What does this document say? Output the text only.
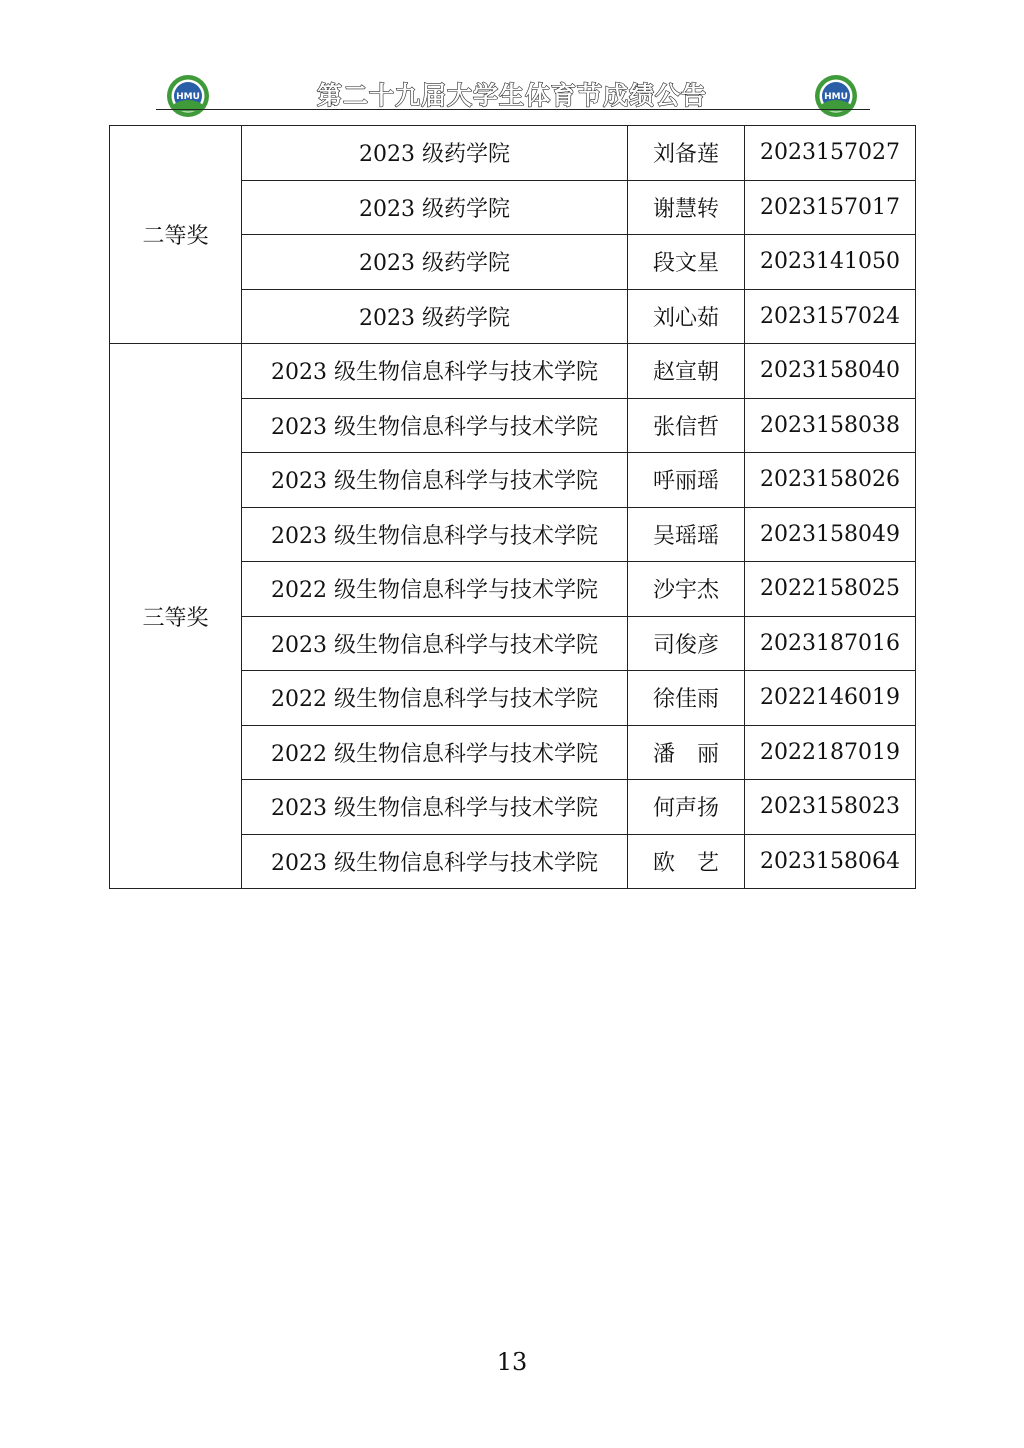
HMU	第二十九届大学生体育节成绩公告	HMU
二等奖	2023 级药学院	刘备莲	2023157027
	2023 级药学院	谢慧转	2023157017
	2023 级药学院	段文星	2023141050
	2023 级药学院	刘心茹	2023157024
三等奖	2023 级生物信息科学与技术学院	赵宣朝	2023158040
	2023 级生物信息科学与技术学院	张信哲	2023158038
	2023 级生物信息科学与技术学院	呼丽瑶	2023158026
	2023 级生物信息科学与技术学院	吴瑶瑶	2023158049
	2022 级生物信息科学与技术学院	沙宇杰	2022158025
	2023 级生物信息科学与技术学院	司俊彦	2023187016
	2022 级生物信息科学与技术学院	徐佳雨	2022146019
	2022 级生物信息科学与技术学院	潘　丽	2022187019
	2023 级生物信息科学与技术学院	何声扬	2023158023
	2023 级生物信息科学与技术学院	欧　艺	2023158064
13
